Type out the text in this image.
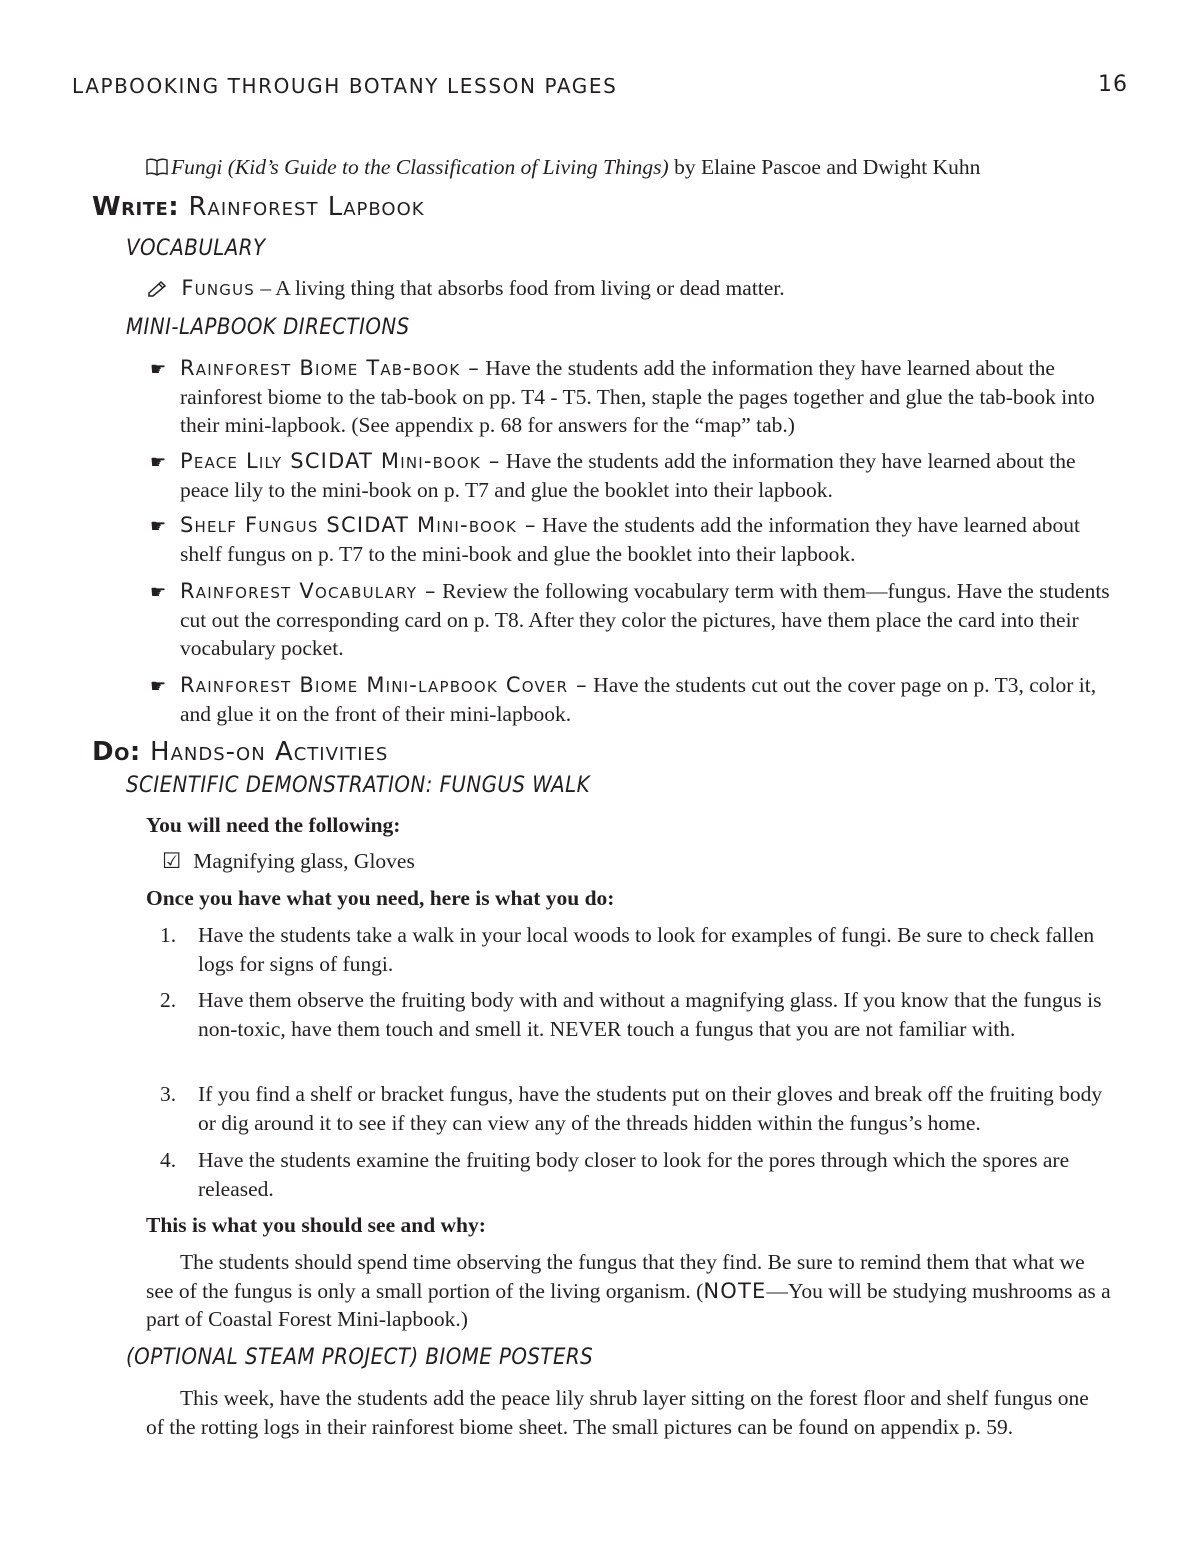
LAPBOOKING THROUGH BOTANY LESSON PAGES	16
Fungi (Kid’s Guide to the Classification of Living Things) by Elaine Pascoe and Dwight Kuhn
Write: Rainforest Lapbook
VOCABULARY
Fungus – A living thing that absorbs food from living or dead matter.
MINI-LAPBOOK DIRECTIONS
☛ Rainforest Biome Tab-book – Have the students add the information they have learned about the rainforest biome to the tab-book on pp. T4 - T5. Then, staple the pages together and glue the tab-book into their mini-lapbook. (See appendix p. 68 for answers for the “map” tab.)
☛ Peace Lily SCIDAT Mini-book – Have the students add the information they have learned about the peace lily to the mini-book on p. T7 and glue the booklet into their lapbook.
☛ Shelf Fungus SCIDAT Mini-book – Have the students add the information they have learned about shelf fungus on p. T7 to the mini-book and glue the booklet into their lapbook.
☛ Rainforest Vocabulary – Review the following vocabulary term with them—fungus. Have the students cut out the corresponding card on p. T8. After they color the pictures, have them place the card into their vocabulary pocket.
☛ Rainforest Biome Mini-lapbook Cover – Have the students cut out the cover page on p. T3, color it, and glue it on the front of their mini-lapbook.
Do: Hands-on Activities
SCIENTIFIC DEMONSTRATION: FUNGUS WALK
You will need the following:
☑ Magnifying glass, Gloves
Once you have what you need, here is what you do:
1. Have the students take a walk in your local woods to look for examples of fungi. Be sure to check fallen logs for signs of fungi.
2. Have them observe the fruiting body with and without a magnifying glass. If you know that the fungus is non-toxic, have them touch and smell it. NEVER touch a fungus that you are not familiar with.
3. If you find a shelf or bracket fungus, have the students put on their gloves and break off the fruiting body or dig around it to see if they can view any of the threads hidden within the fungus’s home.
4. Have the students examine the fruiting body closer to look for the pores through which the spores are released.
This is what you should see and why:
The students should spend time observing the fungus that they find. Be sure to remind them that what we see of the fungus is only a small portion of the living organism. (NOTE—You will be studying mushrooms as a part of Coastal Forest Mini-lapbook.)
(OPTIONAL STEAM PROJECT) BIOME POSTERS
This week, have the students add the peace lily shrub layer sitting on the forest floor and shelf fungus one of the rotting logs in their rainforest biome sheet. The small pictures can be found on appendix p. 59.
